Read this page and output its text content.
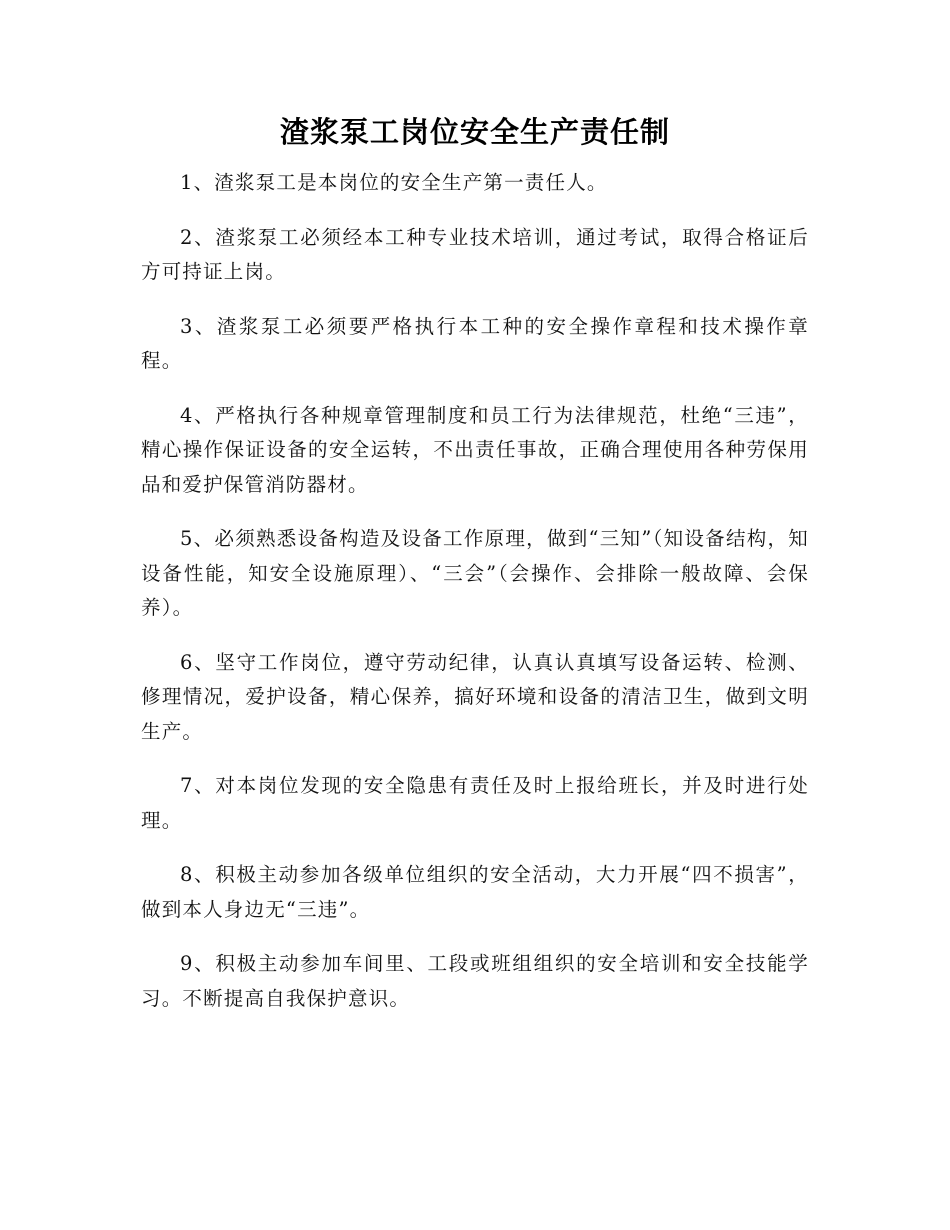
渣浆泵工岗位安全生产责任制

1、渣浆泵工是本岗位的安全生产第一责任人。

2、渣浆泵工必须经本工种专业技术培训，通过考试，取得合格证后方可持证上岗。

3、渣浆泵工必须要严格执行本工种的安全操作章程和技术操作章程。

4、严格执行各种规章管理制度和员工行为法律规范，杜绝“三违”，精心操作保证设备的安全运转，不出责任事故，正确合理使用各种劳保用品和爱护保管消防器材。

5、必须熟悉设备构造及设备工作原理，做到“三知”（知设备结构，知设备性能，知安全设施原理）、“三会”（会操作、会排除一般故障、会保养）。

6、坚守工作岗位，遵守劳动纪律，认真认真填写设备运转、检测、修理情况，爱护设备，精心保养，搞好环境和设备的清洁卫生，做到文明生产。

7、对本岗位发现的安全隐患有责任及时上报给班长，并及时进行处理。

8、积极主动参加各级单位组织的安全活动，大力开展“四不损害”，做到本人身边无“三违”。

9、积极主动参加车间里、工段或班组组织的安全培训和安全技能学习。不断提高自我保护意识。
